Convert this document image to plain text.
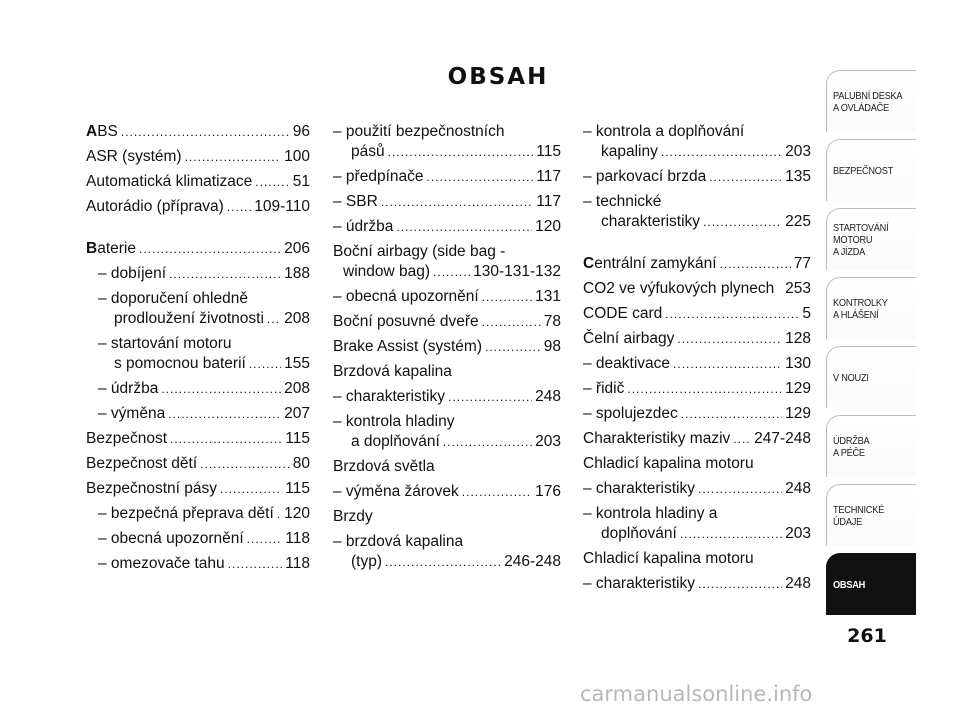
OBSAH
ABS .....	96
ASR (systém) .....	100
Automatická klimatizace .....	51
Autorádio (příprava) ..... 109-110
Baterie .....	206
– dobíjení .....	188
– doporučení ohledně
prodloužení životnosti ..... 208
– startování motoru
s pomocnou baterií ..... 155
– údržba .....	208
– výměna .....	207
Bezpečnost .....	115
Bezpečnost dětí .....	80
Bezpečnostní pásy .....	115
– bezpečná přeprava dětí ..... 120
– obecná upozornění .....	118
– omezovače tahu .....	118
– použití bezpečnostních
pásů .....	115
– předpínače .....	117
– SBR .....	117
– údržba .....	120
Boční airbagy (side bag -
window bag) .....	130-131-132
– obecná upozornění .....	131
Boční posuvné dveře .....	78
Brake Assist (systém) .....	98
Brzdová kapalina
– charakteristiky .....	248
– kontrola hladiny
a doplňování .....	203
Brzdová světla
– výměna žárovek .....	176
Brzdy
– brzdová kapalina
(typ) .....	246-248
– kontrola a doplňování
kapaliny .....	203
– parkovací brzda .....	135
– technické
charakteristiky .....	225
Centrální zamykání .....	77
CO2 ve výfukových plynech 253
CODE card .....	5
Čelní airbagy .....	128
– deaktivace .....	130
– řidič .....	129
– spolujezdec .....	129
Charakteristiky maziv ..... 247-248
Chladicí kapalina motoru
– charakteristiky .....	248
– kontrola hladiny a
doplňování .....	203
Chladicí kapalina motoru
– charakteristiky .....	248
PALUBNÍ DESKA
A OVLÁDAČE
BEZPEČNOST
STARTOVÁNÍ
MOTORU
A JÍZDA
KONTROLKY
A HLÁŠENÍ
V NOUZI
ÚDRŽBA
A PÉČE
TECHNICKÉ
ÚDAJE
OBSAH
261
carmanualsonline.info
